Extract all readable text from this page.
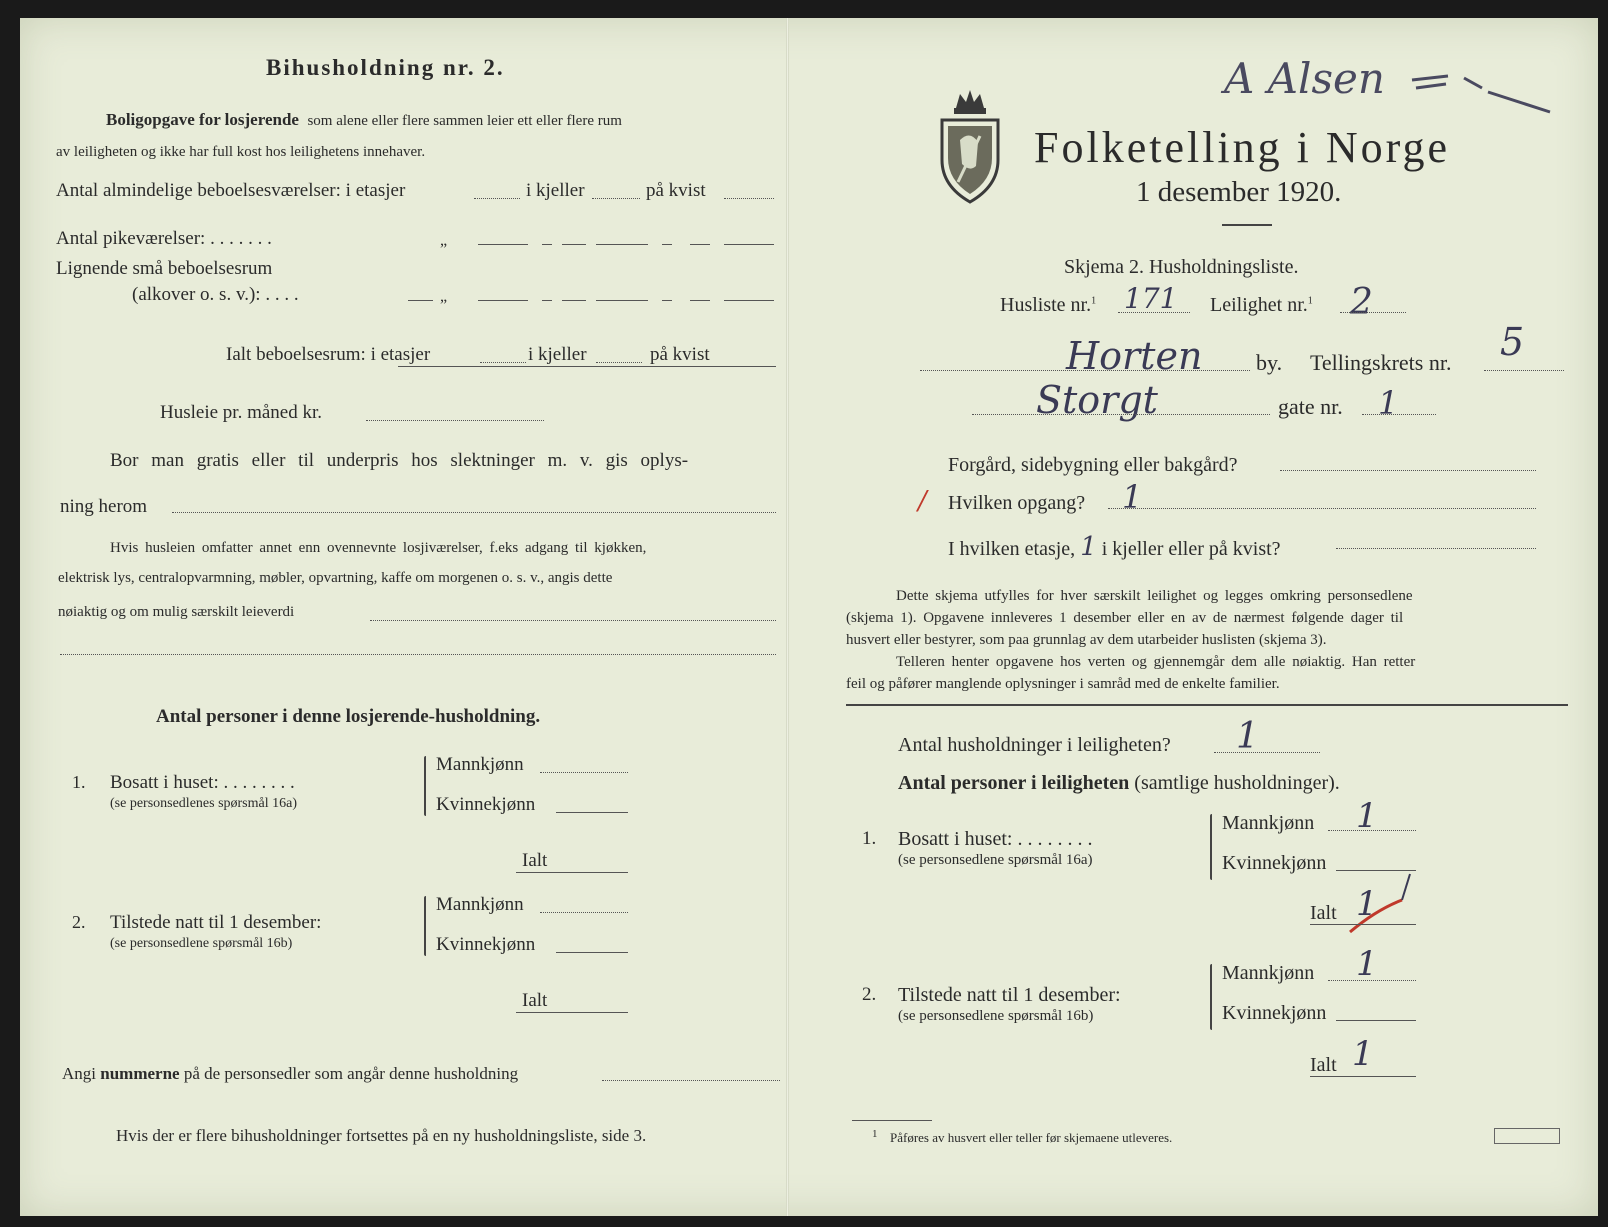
Bihusholdning nr. 2.
Boligopgave for losjerende som alene eller flere sammen leier ett eller flere rum
av leiligheten og ikke har full kost hos leilighetens innehaver.
Antal almindelige beboelsesværelser: i etasjer	i kjeller	på kvist
Antal pikeværelser: . . . . . . .	„
Lignende små beboelsesrum
(alkover o. s. v.): . . . .	„
Ialt beboelsesrum: i etasjer	i kjeller	på kvist
Husleie pr. måned kr.
Bor man gratis eller til underpris hos slektninger m. v. gis oplys-
ning herom
Hvis husleien omfatter annet enn ovennevnte losjiværelser, f.eks adgang til kjøkken,
elektrisk lys, centralopvarmning, møbler, opvartning, kaffe om morgenen o. s. v., angis dette
nøiaktig og om mulig særskilt leieverdi
Antal personer i denne losjerende-husholdning.
1. Bosatt i huset: . . . . . . . .
(se personsedlenes spørsmål 16a)
Mannkjønn
Kvinnekjønn
Ialt
2. Tilstede natt til 1 desember:
(se personsedlene spørsmål 16b)
Mannkjønn
Kvinnekjønn
Ialt
Angi nummerne på de personsedler som angår denne husholdning
Hvis der er flere bihusholdninger fortsettes på en ny husholdningsliste, side 3.
Folketelling i Norge
1 desember 1920.
A Alsen
Skjema 2. Husholdningsliste.
Husliste nr.$^1$ 171 Leilighet nr.$^1$ 2
Horten by. Tellingskrets nr. 5
Storgt	gate nr. 1
Forgård, sidebygning eller bakgård?
/ Hvilken opgang? 1
I hvilken etasje, 1 i kjeller eller på kvist?
Dette skjema utfylles for hver særskilt leilighet og legges omkring personsedlene
(skjema 1). Opgavene innleveres 1 desember eller en av de nærmest følgende dager til
husvert eller bestyrer, som paa grunnlag av dem utarbeider huslisten (skjema 3).
Telleren henter opgavene hos verten og gjennemgår dem alle nøiaktig. Han retter
feil og påfører manglende oplysninger i samråd med de enkelte familier.
Antal husholdninger i leiligheten? 1
Antal personer i leiligheten (samtlige husholdninger).
1. Bosatt i huset: . . . . . . . .
(se personsedlene spørsmål 16a)
Mannkjønn 1
Kvinnekjønn
Ialt 1
2. Tilstede natt til 1 desember:
(se personsedlene spørsmål 16b)
Mannkjønn 1
Kvinnekjønn
Ialt 1
1 Påføres av husvert eller teller før skjemaene utleveres.
